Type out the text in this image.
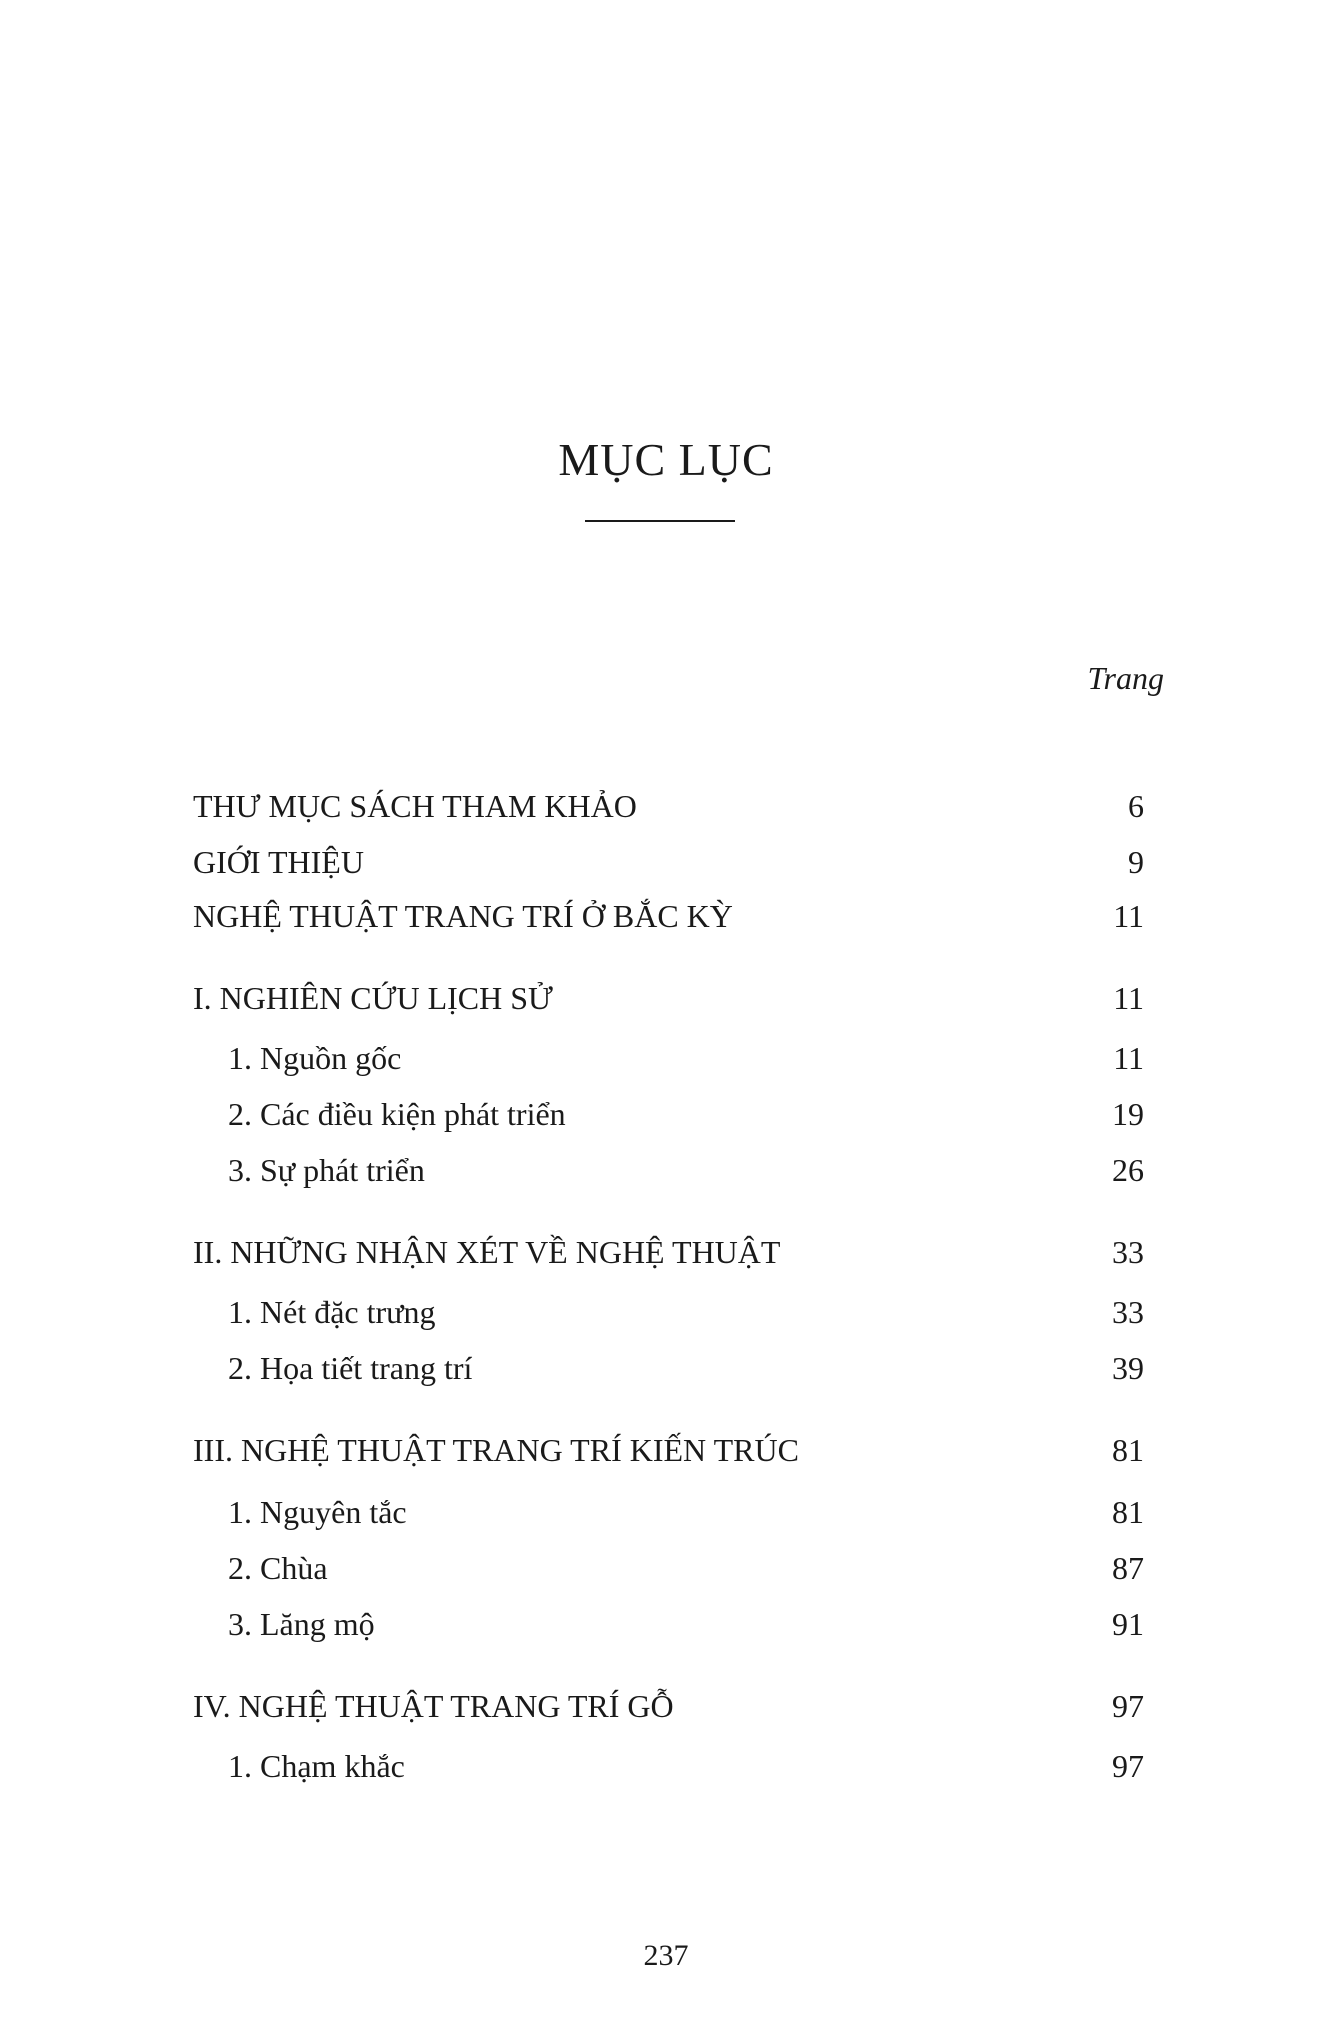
MỤC LỤC
Trang
THƯ MỤC SÁCH THAM KHẢO	6
GIỚI THIỆU	9
NGHỆ THUẬT TRANG TRÍ Ở BẮC KỲ	11
I. NGHIÊN CỨU LỊCH SỬ	11
1. Nguồn gốc	11
2. Các điều kiện phát triển	19
3. Sự phát triển	26
II. NHỮNG NHẬN XÉT VỀ NGHỆ THUẬT	33
1. Nét đặc trưng	33
2. Họa tiết trang trí	39
III. NGHỆ THUẬT TRANG TRÍ KIẾN TRÚC	81
1. Nguyên tắc	81
2. Chùa	87
3. Lăng mộ	91
IV. NGHỆ THUẬT TRANG TRÍ GỖ	97
1. Chạm khắc	97
237
